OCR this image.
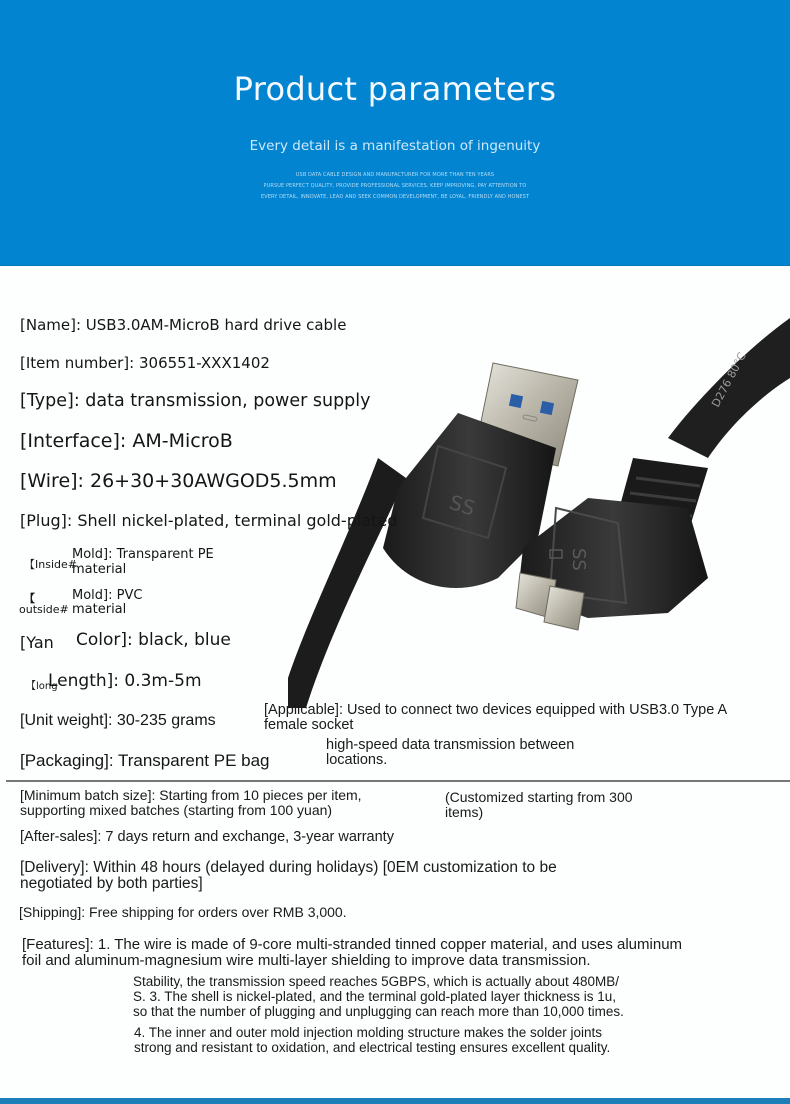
Product parameters
Every detail is a manifestation of ingenuity
USB DATA CABLE DESIGN AND MANUFACTURER FOR MORE THAN TEN YEARS
PURSUE PERFECT QUALITY, PROVIDE PROFESSIONAL SERVICES, KEEP IMPROVING, PAY ATTENTION TO
EVERY DETAIL, INNOVATE, LEAD AND SEEK COMMON DEVELOPMENT, BE LOYAL, FRIENDLY AND HONEST
SS
D276 80°C
SS
[Name]: USB3.0AM-MicroB hard drive cable
[Item number]: 306551-XXX1402
[Type]: data transmission, power supply
[Interface]: AM-MicroB
[Wire]: 26+30+30AWGOD5.5mm
[Plug]: Shell nickel-plated, terminal gold-plated
【Inside#
Mold]: Transparent PE
material
【
outside#
Mold]: PVC
material
[Yan Color]: black, blue
【long
Length]: 0.3m-5m
[Unit weight]: 30-235 grams
[Packaging]: Transparent PE bag
[Applicable]: Used to connect two devices equipped with USB3.0 Type A
female socket
high-speed data transmission between
locations.
[Minimum batch size]: Starting from 10 pieces per item,
supporting mixed batches (starting from 100 yuan)
(Customized starting from 300
items)
[After-sales]: 7 days return and exchange, 3-year warranty
[Delivery]: Within 48 hours (delayed during holidays) [0EM customization to be
negotiated by both parties]
[Shipping]: Free shipping for orders over RMB 3,000.
[Features]: 1. The wire is made of 9-core multi-stranded tinned copper material, and uses aluminum
foil and aluminum-magnesium wire multi-layer shielding to improve data transmission.
Stability, the transmission speed reaches 5GBPS, which is actually about 480MB/
S. 3. The shell is nickel-plated, and the terminal gold-plated layer thickness is 1u,
so that the number of plugging and unplugging can reach more than 10,000 times.
4. The inner and outer mold injection molding structure makes the solder joints
strong and resistant to oxidation, and electrical testing ensures excellent quality.
